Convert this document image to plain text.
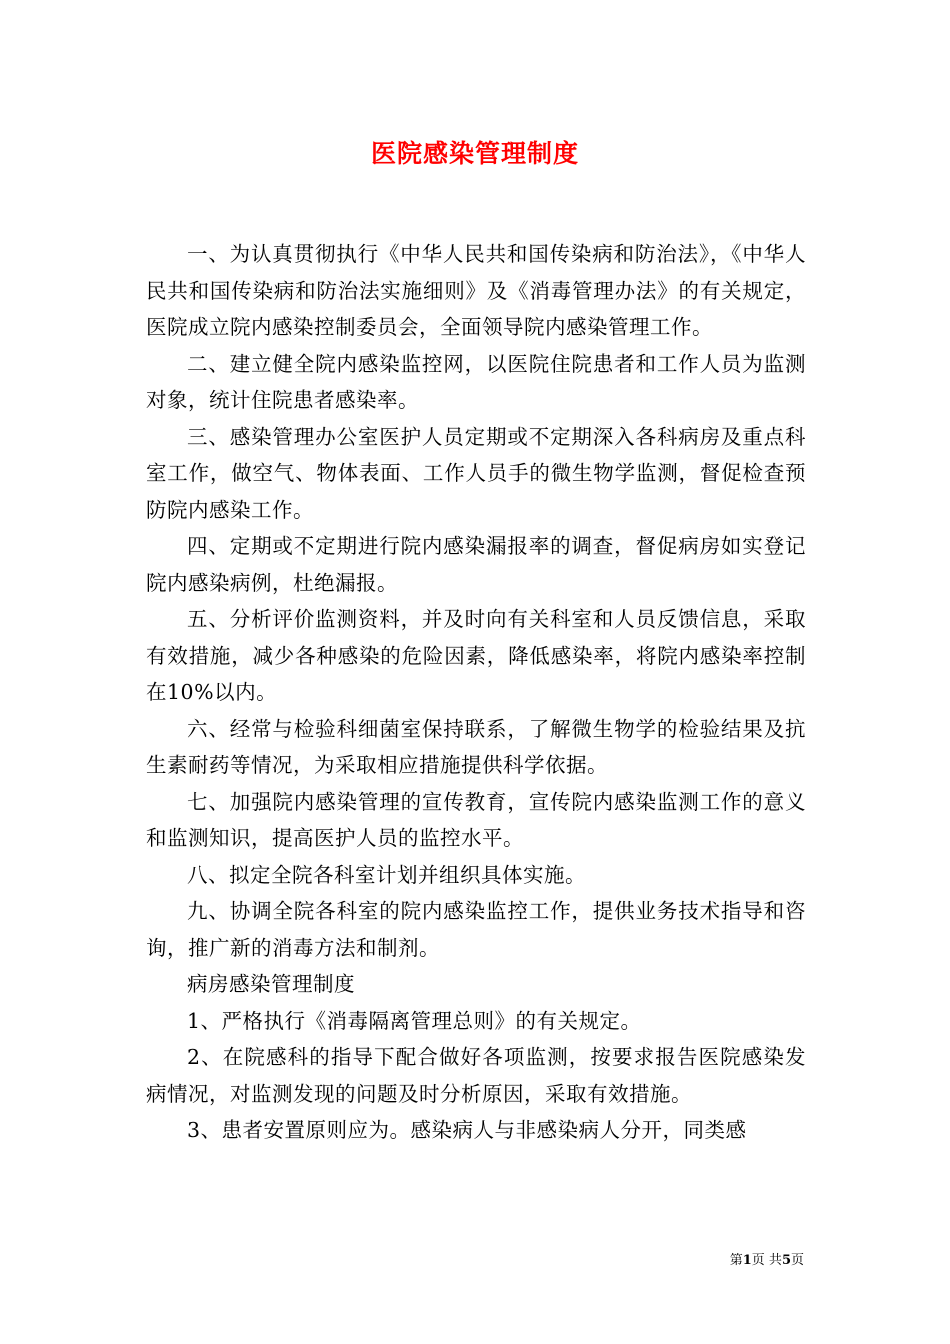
医院感染管理制度

一、为认真贯彻执行《中华人民共和国传染病和防治法》，《中华人民共和国传染病和防治法实施细则》及《消毒管理办法》的有关规定，医院成立院内感染控制委员会，全面领导院内感染管理工作。

二、建立健全院内感染监控网，以医院住院患者和工作人员为监测对象，统计住院患者感染率。

三、感染管理办公室医护人员定期或不定期深入各科病房及重点科室工作，做空气、物体表面、工作人员手的微生物学监测，督促检查预防院内感染工作。

四、定期或不定期进行院内感染漏报率的调查，督促病房如实登记院内感染病例，杜绝漏报。

五、分析评价监测资料，并及时向有关科室和人员反馈信息，采取有效措施，减少各种感染的危险因素，降低感染率，将院内感染率控制在10%以内。

六、经常与检验科细菌室保持联系，了解微生物学的检验结果及抗生素耐药等情况，为采取相应措施提供科学依据。

七、加强院内感染管理的宣传教育，宣传院内感染监测工作的意义和监测知识，提高医护人员的监控水平。

八、拟定全院各科室计划并组织具体实施。

九、协调全院各科室的院内感染监控工作，提供业务技术指导和咨询，推广新的消毒方法和制剂。

病房感染管理制度

1、严格执行《消毒隔离管理总则》的有关规定。

2、在院感科的指导下配合做好各项监测，按要求报告医院感染发病情况，对监测发现的问题及时分析原因，采取有效措施。

3、患者安置原则应为。感染病人与非感染病人分开，同类感

第1页 共5页
